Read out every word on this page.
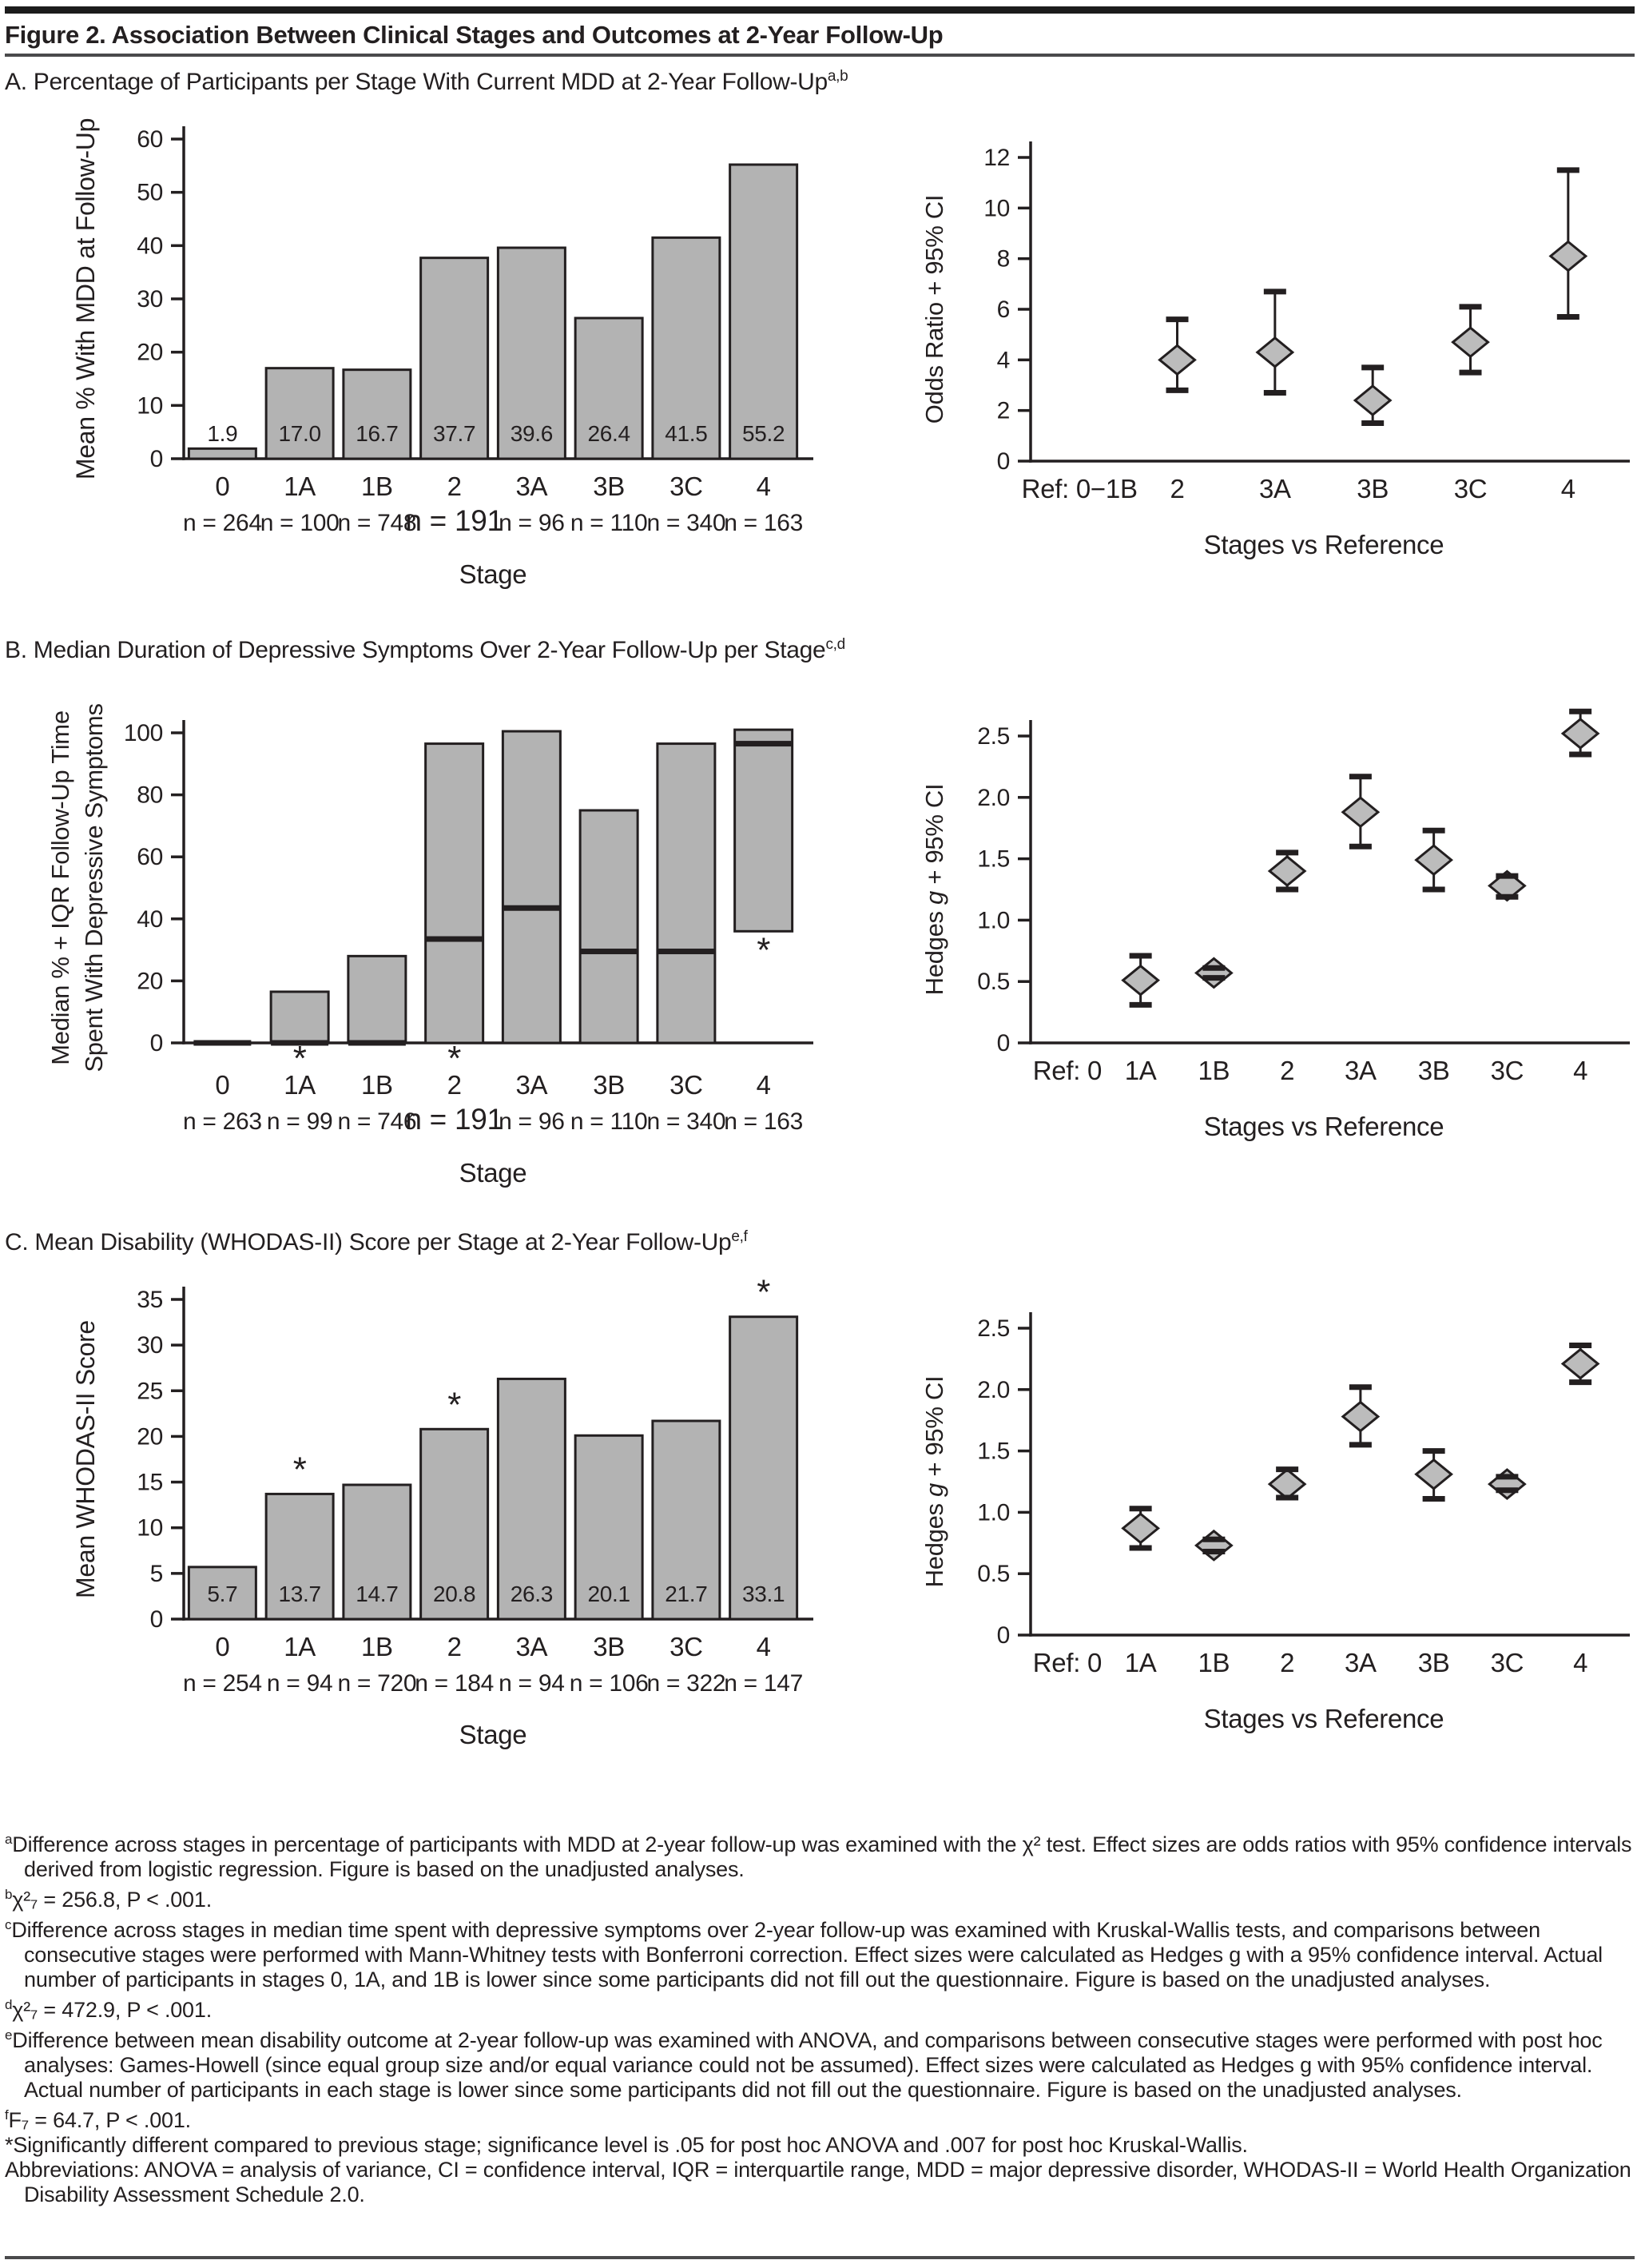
Figure 2. Association Between Clinical Stages and Outcomes at 2-Year Follow-Up
A. Percentage of Participants per Stage With Current MDD at 2-Year Follow-Up$^{a,b}$
0
10
20
30
40
50
60
Mean % With MDD at Follow-Up	1.9
0
n = 264
17.0
1A
n = 100
16.7
1B
n = 748
37.7
2
n = 191
39.6
3A
n = 96
26.4
3B
n = 110
41.5
3C
n = 340
55.2
4
n = 163
Stage
0
2
4
6
8
10
12
Odds Ratio + 95% CI
Ref: 0−1B 2	3A	3B 3C	4
Stages vs Reference
B. Median Duration of Depressive Symptoms Over 2-Year Follow-Up per Stage$^{c,d}$
0
20
40
60
80
100
Median % + IQR Follow-Up Time Spent With Depressive Symptoms
0
n = 263
*
1A
n = 99
1B
n = 746
*
2
n = 191
3A
n = 96
3B
n = 110
3C
n = 340
*
4
n = 163
Stage
0
0.5
1.0
1.5
2.0
2.5
Hedges g + 95% CI
Ref: 0 1A 1B 2 3A 3B 3C 4
Stages vs Reference
C. Mean Disability (WHODAS-II) Score per Stage at 2-Year Follow-Up$^{e,f}$
0
5
10
15
20
25
30
35
Mean WHODAS-II Score	5.7
0
n = 254
13.7
*
1A
n = 94
14.7
1B
n = 720
20.8
*
2
n = 184
26.3
3A
n = 94
20.1
3B
n = 106
21.7
3C
n = 322
33.1
*
4
n = 147
Stage
0
0.5
1.0
1.5
2.0
2.5
Hedges g + 95% CI
Ref: 0 1A 1B 2 3A 3B 3C 4
Stages vs Reference
$^a$Difference across stages in percentage of participants with MDD at 2-year follow-up was examined with the χ² test. Effect sizes are odds ratios with 95% confidence intervals derived from logistic regression. Figure is based on the unadjusted analyses.
$^b$χ²₇ = 256.8, P < .001.
$^c$Difference across stages in median time spent with depressive symptoms over 2-year follow-up was examined with Kruskal-Wallis tests, and comparisons between consecutive stages were performed with Mann-Whitney tests with Bonferroni correction. Effect sizes were calculated as Hedges g with a 95% confidence interval. Actual number of participants in stages 0, 1A, and 1B is lower since some participants did not fill out the questionnaire. Figure is based on the unadjusted analyses.
$^d$χ²₇ = 472.9, P < .001.
$^e$Difference between mean disability outcome at 2-year follow-up was examined with ANOVA, and comparisons between consecutive stages were performed with post hoc analyses: Games-Howell (since equal group size and/or equal variance could not be assumed). Effect sizes were calculated as Hedges g with 95% confidence interval. Actual number of participants in each stage is lower since some participants did not fill out the questionnaire. Figure is based on the unadjusted analyses.
$^f$F₇ = 64.7, P < .001.
*Significantly different compared to previous stage; significance level is .05 for post hoc ANOVA and .007 for post hoc Kruskal-Wallis.
Abbreviations: ANOVA = analysis of variance, CI = confidence interval, IQR = interquartile range, MDD = major depressive disorder, WHODAS-II = World Health Organization Disability Assessment Schedule 2.0.
